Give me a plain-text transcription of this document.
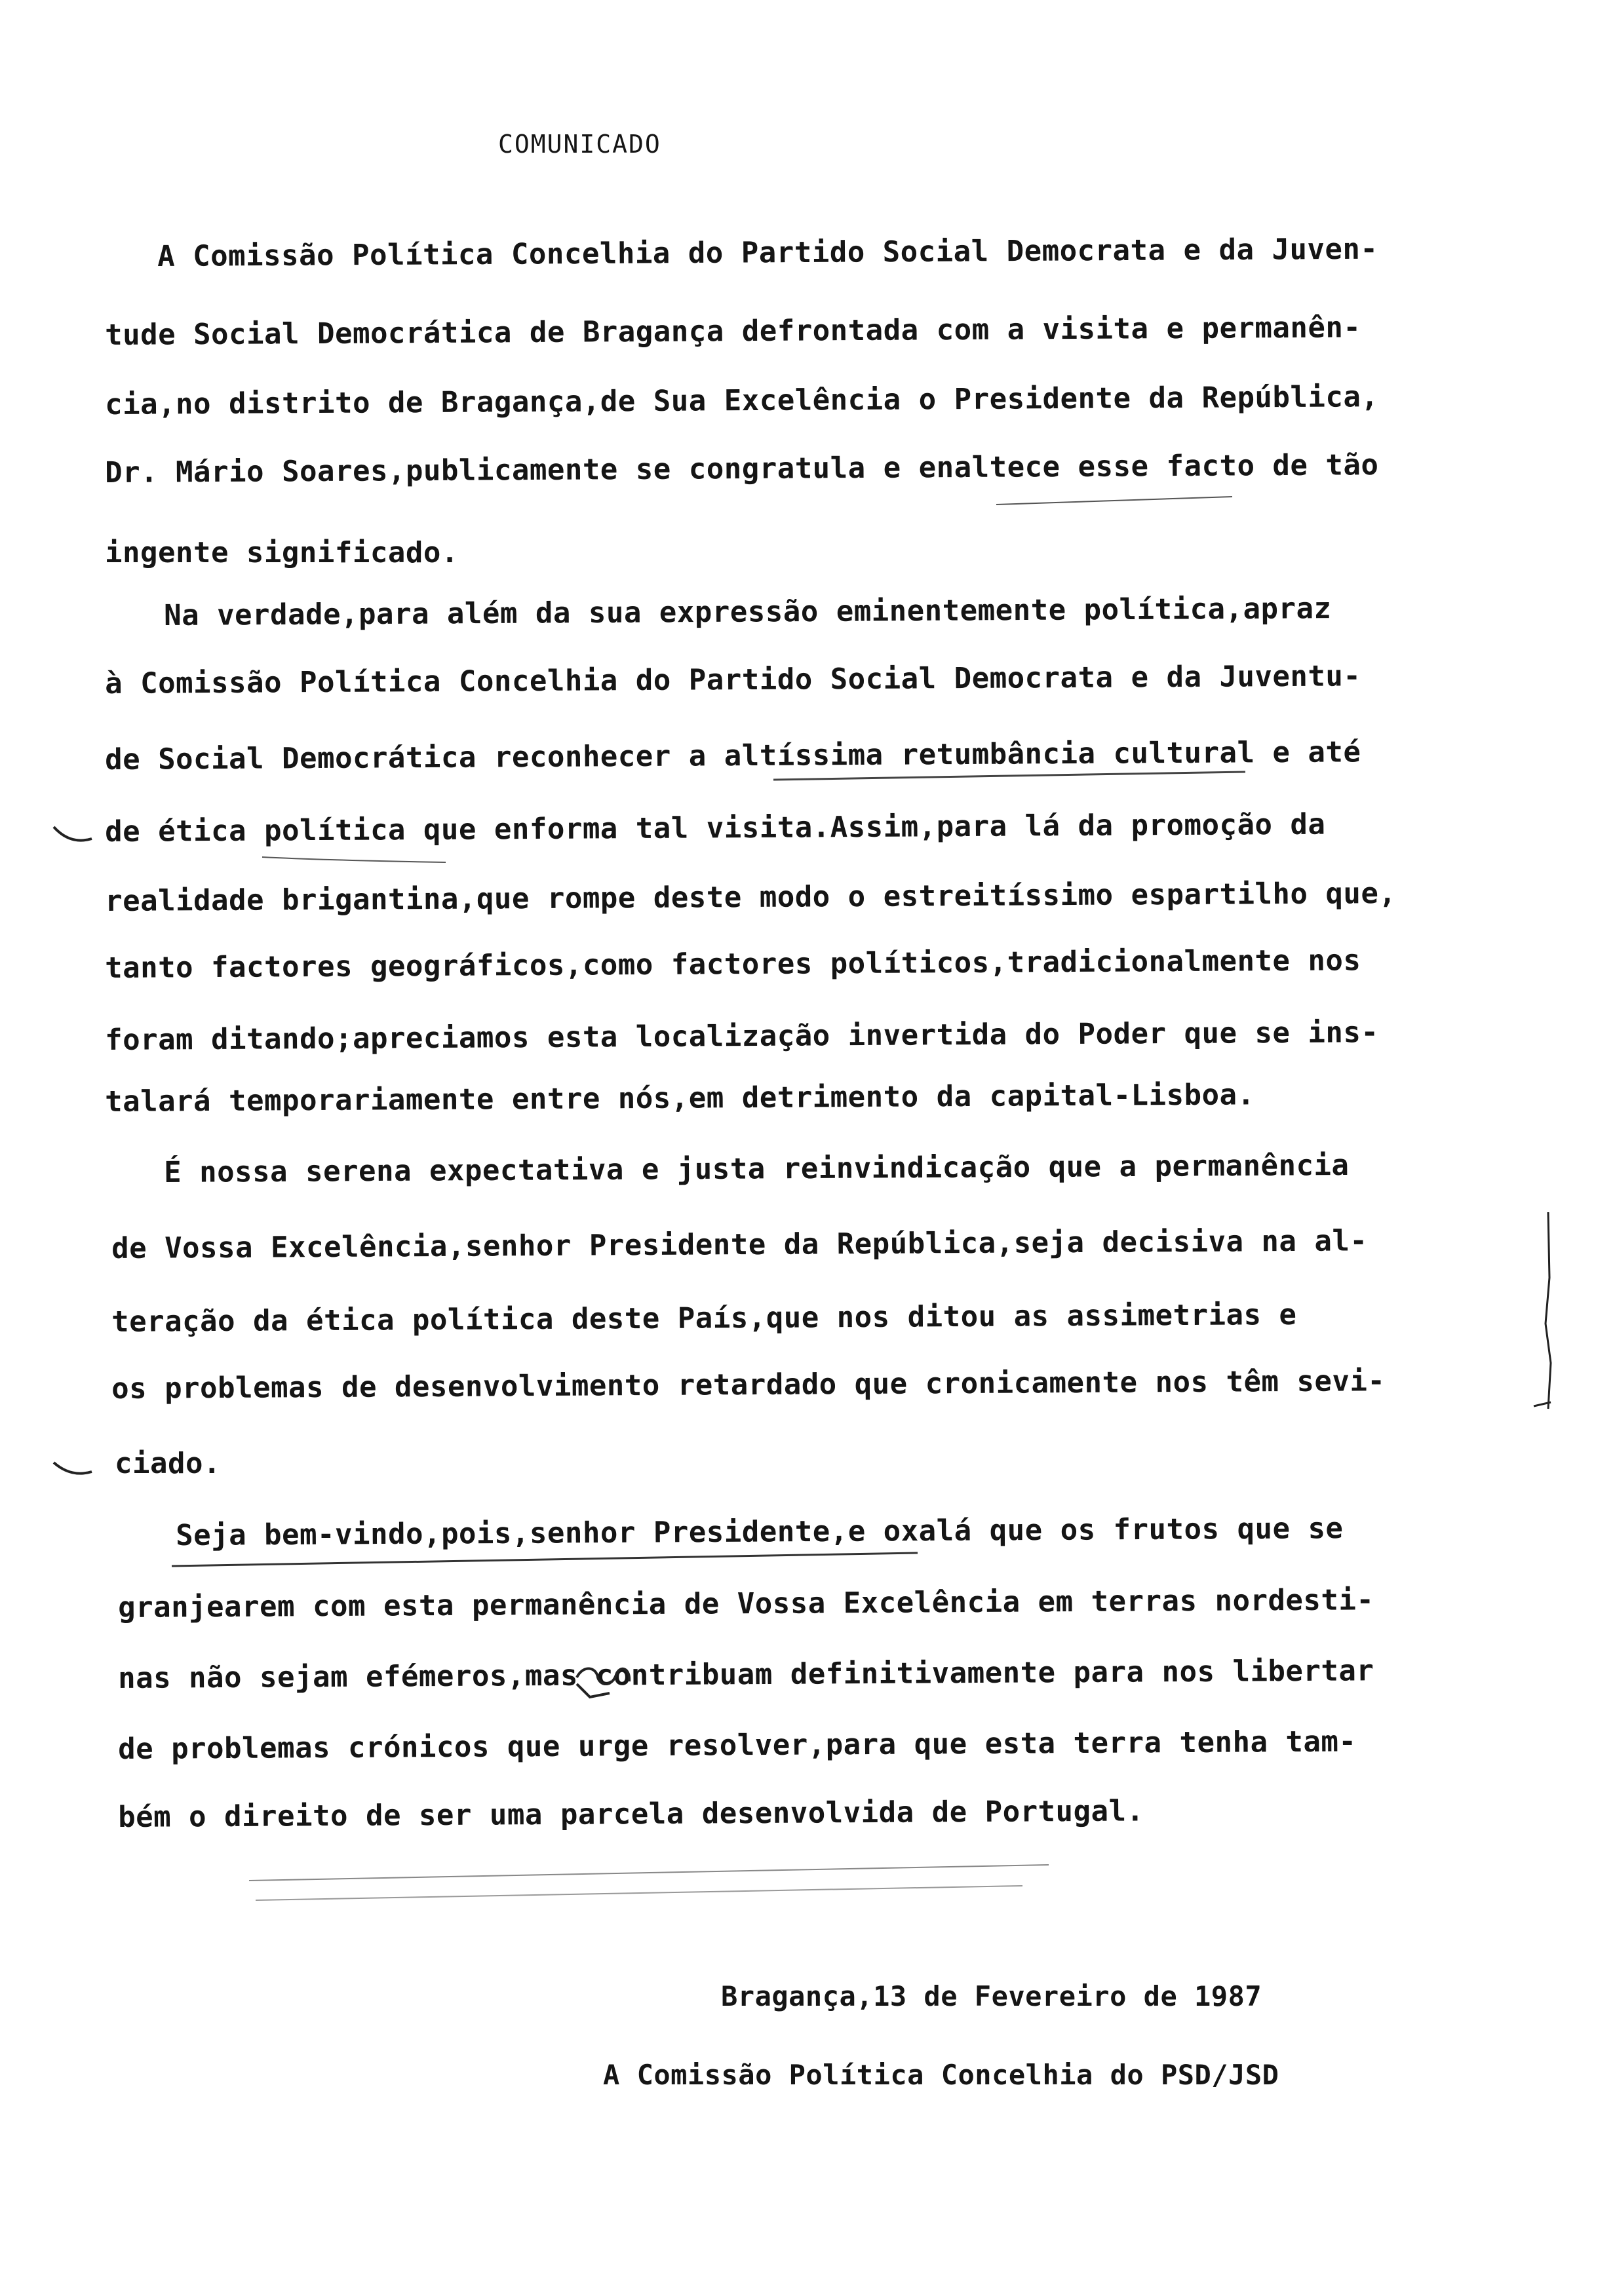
COMUNICADO
A Comissão Política Concelhia do Partido Social Democrata e da Juven-
tude Social Democrática de Bragança defrontada com a visita e permanên-
cia,no distrito de Bragança,de Sua Excelência o Presidente da República,
Dr. Mário Soares,publicamente se congratula e enaltece esse facto de tão
ingente significado.
Na verdade,para além da sua expressão eminentemente política,apraz
à Comissão Política Concelhia do Partido Social Democrata e da Juventu-
de Social Democrática reconhecer a altíssima retumbância cultural e até
de ética política que enforma tal visita.Assim,para lá da promoção da
realidade brigantina,que rompe deste modo o estreitíssimo espartilho que,
tanto factores geográficos,como factores políticos,tradicionalmente nos
foram ditando;apreciamos esta localização invertida do Poder que se ins-
talará temporariamente entre nós,em detrimento da capital-Lisboa.
É nossa serena expectativa e justa reinvindicação que a permanência
de Vossa Excelência,senhor Presidente da República,seja decisiva na al-
teração da ética política deste País,que nos ditou as assimetrias e
os problemas de desenvolvimento retardado que cronicamente nos têm sevi-
ciado.
Seja bem-vindo,pois,senhor Presidente,e oxalá que os frutos que se
granjearem com esta permanência de Vossa Excelência em terras nordesti-
nas não sejam efémeros,mas contribuam definitivamente para nos libertar
de problemas crónicos que urge resolver,para que esta terra tenha tam-
bém o direito de ser uma parcela desenvolvida de Portugal.
Bragança,13 de Fevereiro de 1987
A Comissão Política Concelhia do PSD/JSD
